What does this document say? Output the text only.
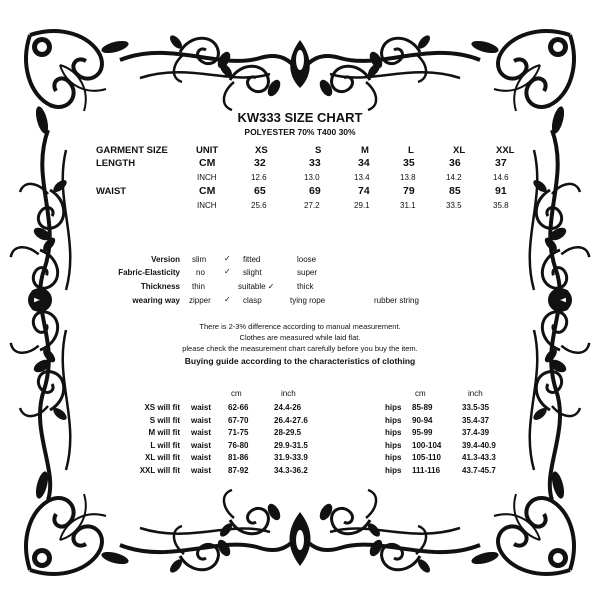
KW333 SIZE CHART
POLYESTER 70% T400 30%
GARMENT SIZE	UNIT	XS	S	M	L	XL	XXL
LENGTH	CM	32	33	34	35	36	37
INCH	12.6	13.0	13.4	13.8	14.2	14.6
WAIST	CM	65	69	74	79	85	91
INCH	25.6	27.2	29.1	31.1	33.5	35.8
Version slim ✓ fitted	loose
Fabric-Elasticity no ✓ slight	super
Thickness thin	suitable ✓	thick
wearing way zipper ✓ clasp	tying rope	rubber string
There is 2-3% difference according to manual measurement.
Clothes are measured while laid flat.
please check the measurement chart carefully before you buy the item.
Buying guide according to the characteristics of clothing
cm	inch	cm	inch
XS will fit waist 62-66	24.4-26	hips 85-89	33.5-35
S will fit waist 67-70	26.4-27.6	hips 90-94	35.4-37
M will fit waist 71-75	28-29.5	hips 95-99	37.4-39
L will fit waist 76-80	29.9-31.5	hips 100-104	39.4-40.9
XL will fit waist 81-86	31.9-33.9	hips 105-110	41.3-43.3
XXL will fit waist 87-92	34.3-36.2	hips 111-116	43.7-45.7
